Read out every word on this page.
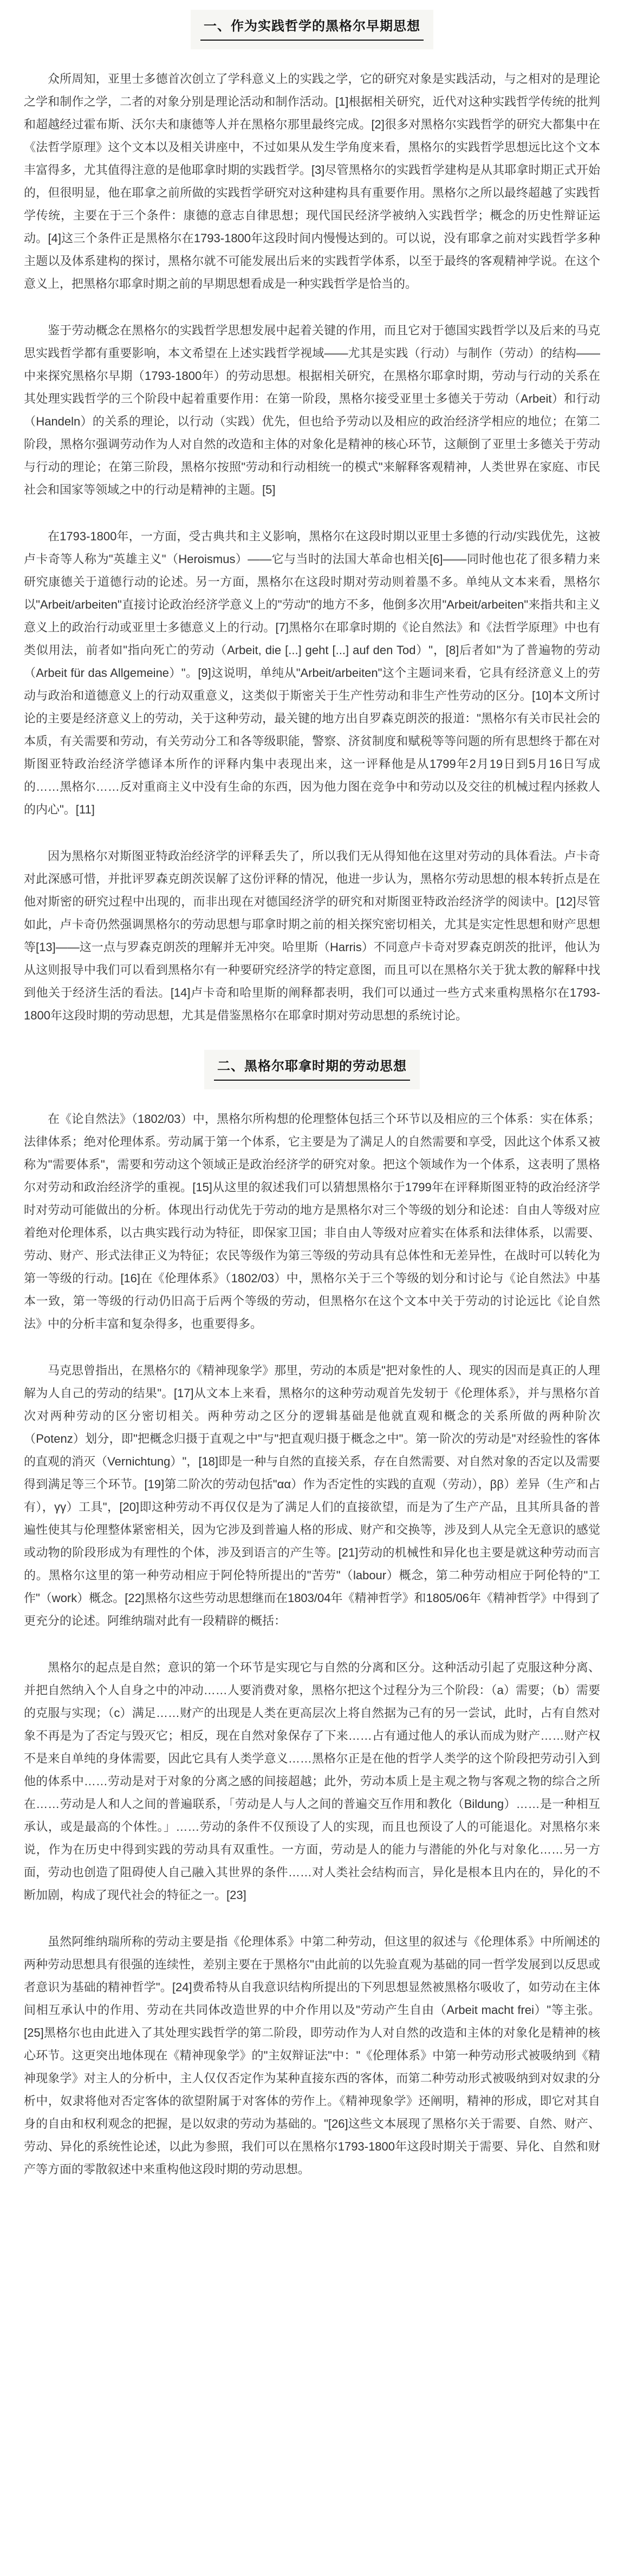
一、作为实践哲学的黑格尔早期思想

众所周知，亚里士多德首次创立了学科意义上的实践之学，它的研究对象是实践活动，与之相对的是理论之学和制作之学，二者的对象分别是理论活动和制作活动。[1]根据相关研究，近代对这种实践哲学传统的批判和超越经过霍布斯、沃尔夫和康德等人并在黑格尔那里最终完成。[2]很多对黑格尔实践哲学的研究大都集中在《法哲学原理》这个文本以及相关讲座中，不过如果从发生学角度来看，黑格尔的实践哲学思想远比这个文本丰富得多，尤其值得注意的是他耶拿时期的实践哲学。[3]尽管黑格尔的实践哲学建构是从其耶拿时期正式开始的，但很明显，他在耶拿之前所做的实践哲学研究对这种建构具有重要作用。黑格尔之所以最终超越了实践哲学传统，主要在于三个条件：康德的意志自律思想；现代国民经济学被纳入实践哲学；概念的历史性辩证运动。[4]这三个条件正是黑格尔在1793-1800年这段时间内慢慢达到的。可以说，没有耶拿之前对实践哲学多种主题以及体系建构的探讨，黑格尔就不可能发展出后来的实践哲学体系，以至于最终的客观精神学说。在这个意义上，把黑格尔耶拿时期之前的早期思想看成是一种实践哲学是恰当的。

鉴于劳动概念在黑格尔的实践哲学思想发展中起着关键的作用，而且它对于德国实践哲学以及后来的马克思实践哲学都有重要影响，本文希望在上述实践哲学视域——尤其是实践（行动）与制作（劳动）的结构——中来探究黑格尔早期（1793-1800年）的劳动思想。根据相关研究，在黑格尔耶拿时期，劳动与行动的关系在其处理实践哲学的三个阶段中起着重要作用：在第一阶段，黑格尔接受亚里士多德关于劳动（Arbeit）和行动（Handeln）的关系的理论，以行动（实践）优先，但也给予劳动以及相应的政治经济学相应的地位；在第二阶段，黑格尔强调劳动作为人对自然的改造和主体的对象化是精神的核心环节，这颠倒了亚里士多德关于劳动与行动的理论；在第三阶段，黑格尔按照"劳动和行动相统一的模式"来解释客观精神，人类世界在家庭、市民社会和国家等领域之中的行动是精神的主题。[5]

在1793-1800年，一方面，受古典共和主义影响，黑格尔在这段时期以亚里士多德的行动/实践优先，这被卢卡奇等人称为"英雄主义"（Heroismus）——它与当时的法国大革命也相关[6]——同时他也花了很多精力来研究康德关于道德行动的论述。另一方面，黑格尔在这段时期对劳动则着墨不多。单纯从文本来看，黑格尔以"Arbeit/arbeiten"直接讨论政治经济学意义上的"劳动"的地方不多，他倒多次用"Arbeit/arbeiten"来指共和主义意义上的政治行动或亚里士多德意义上的行动。[7]黑格尔在耶拿时期的《论自然法》和《法哲学原理》中也有类似用法，前者如"指向死亡的劳动（Arbeit, die [...] geht [...] auf den Tod）"，[8]后者如"为了普遍物的劳动（Arbeit für das Allgemeine）"。[9]这说明，单纯从"Arbeit/arbeiten"这个主题词来看，它具有经济意义上的劳动与政治和道德意义上的行动双重意义，这类似于斯密关于生产性劳动和非生产性劳动的区分。[10]本文所讨论的主要是经济意义上的劳动，关于这种劳动，最关键的地方出自罗森克朗茨的报道："黑格尔有关市民社会的本质，有关需要和劳动，有关劳动分工和各等级职能，警察、济贫制度和赋税等等问题的所有思想终于都在对斯图亚特政治经济学德译本所作的评释内集中表现出来，这一评释他是从1799年2月19日到5月16日写成的……黑格尔……反对重商主义中没有生命的东西，因为他力图在竞争中和劳动以及交往的机械过程内拯救人的内心"。[11]

因为黑格尔对斯图亚特政治经济学的评释丢失了，所以我们无从得知他在这里对劳动的具体看法。卢卡奇对此深感可惜，并批评罗森克朗茨误解了这份评释的情况，他进一步认为，黑格尔劳动思想的根本转折点是在他对斯密的研究过程中出现的，而非出现在对德国经济学的研究和对斯图亚特政治经济学的阅读中。[12]尽管如此，卢卡奇仍然强调黑格尔的劳动思想与耶拿时期之前的相关探究密切相关，尤其是实定性思想和财产思想等[13]——这一点与罗森克朗茨的理解并无冲突。哈里斯（Harris）不同意卢卡奇对罗森克朗茨的批评，他认为从这则报导中我们可以看到黑格尔有一种要研究经济学的特定意图，而且可以在黑格尔关于犹太教的解释中找到他关于经济生活的看法。[14]卢卡奇和哈里斯的阐释都表明，我们可以通过一些方式来重构黑格尔在1793-1800年这段时期的劳动思想，尤其是借鉴黑格尔在耶拿时期对劳动思想的系统讨论。

二、黑格尔耶拿时期的劳动思想

在《论自然法》（1802/03）中，黑格尔所构想的伦理整体包括三个环节以及相应的三个体系：实在体系；法律体系；绝对伦理体系。劳动属于第一个体系，它主要是为了满足人的自然需要和享受，因此这个体系又被称为"需要体系"，需要和劳动这个领域正是政治经济学的研究对象。把这个领域作为一个体系，这表明了黑格尔对劳动和政治经济学的重视。[15]从这里的叙述我们可以猜想黑格尔于1799年在评释斯图亚特的政治经济学时对劳动可能做出的分析。体现出行动优先于劳动的地方是黑格尔对三个等级的划分和论述：自由人等级对应着绝对伦理体系，以古典实践行动为特征，即保家卫国；非自由人等级对应着实在体系和法律体系，以需要、劳动、财产、形式法律正义为特征；农民等级作为第三等级的劳动具有总体性和无差异性，在战时可以转化为第一等级的行动。[16]在《伦理体系》（1802/03）中，黑格尔关于三个等级的划分和讨论与《论自然法》中基本一致，第一等级的行动仍旧高于后两个等级的劳动，但黑格尔在这个文本中关于劳动的讨论远比《论自然法》中的分析丰富和复杂得多，也重要得多。

马克思曾指出，在黑格尔的《精神现象学》那里，劳动的本质是"把对象性的人、现实的因而是真正的人理解为人自己的劳动的结果"。[17]从文本上来看，黑格尔的这种劳动观首先发轫于《伦理体系》，并与黑格尔首次对两种劳动的区分密切相关。两种劳动之区分的逻辑基础是他就直观和概念的关系所做的两种阶次（Potenz）划分，即"把概念归摄于直观之中"与"把直观归摄于概念之中"。第一阶次的劳动是"对经验性的客体的直观的消灭（Vernichtung）"，[18]即是一种与自然的直接关系，存在自然需要、对自然对象的否定以及需要得到满足等三个环节。[19]第二阶次的劳动包括"αα）作为否定性的实践的直观（劳动），ββ）差异（生产和占有），γγ）工具"，[20]即这种劳动不再仅仅是为了满足人们的直接欲望，而是为了生产产品，且其所具备的普遍性使其与伦理整体紧密相关，因为它涉及到普遍人格的形成、财产和交换等，涉及到人从完全无意识的感觉或动物的阶段形成为有理性的个体，涉及到语言的产生等。[21]劳动的机械性和异化也主要是就这种劳动而言的。黑格尔这里的第一种劳动相应于阿伦特所提出的"苦劳"（labour）概念，第二种劳动相应于阿伦特的"工作"（work）概念。[22]黑格尔这些劳动思想继而在1803/04年《精神哲学》和1805/06年《精神哲学》中得到了更充分的论述。阿维纳瑞对此有一段精辟的概括：

黑格尔的起点是自然；意识的第一个环节是实现它与自然的分离和区分。这种活动引起了克服这种分离、并把自然纳入个人自身之中的冲动……人要消费对象，黑格尔把这个过程分为三个阶段：（a）需要；（b）需要的克服与实现；（c）满足……财产的出现是人类在更高层次上将自然据为己有的另一尝试，此时，占有自然对象不再是为了否定与毁灭它；相反，现在自然对象保存了下来……占有通过他人的承认而成为财产……财产权不是来自单纯的身体需要，因此它具有人类学意义……黑格尔正是在他的哲学人类学的这个阶段把劳动引入到他的体系中……劳动是对于对象的分离之感的间接超越；此外，劳动本质上是主观之物与客观之物的综合之所在……劳动是人和人之间的普遍联系，「劳动是人与人之间的普遍交互作用和教化（Bildung）……是一种相互承认，或是最高的个体性。」……劳动的条件不仅预设了人的实现，而且也预设了人的可能退化。对黑格尔来说，作为在历史中得到实践的劳动具有双重性。一方面，劳动是人的能力与潜能的外化与对象化……另一方面，劳动也创造了阻碍使人自己融入其世界的条件……对人类社会结构而言，异化是根本且内在的，异化的不断加剧，构成了现代社会的特征之一。[23]

虽然阿维纳瑞所称的劳动主要是指《伦理体系》中第二种劳动，但这里的叙述与《伦理体系》中所阐述的两种劳动思想具有很强的连续性，差别主要在于黑格尔"由此前的以先验直观为基础的同一哲学发展到以反思或者意识为基础的精神哲学"。[24]费希特从自我意识结构所提出的下列思想显然被黑格尔吸收了，如劳动在主体间相互承认中的作用、劳动在共同体改造世界的中介作用以及"劳动产生自由（Arbeit macht frei）"等主张。[25]黑格尔也由此进入了其处理实践哲学的第二阶段，即劳动作为人对自然的改造和主体的对象化是精神的核心环节。这更突出地体现在《精神现象学》的"主奴辩证法"中："《伦理体系》中第一种劳动形式被吸纳到《精神现象学》对主人的分析中，主人仅仅否定作为某种直接东西的客体，而第二种劳动形式被吸纳到对奴隶的分析中，奴隶将他对否定客体的欲望附属于对客体的劳作上。《精神现象学》还阐明，精神的形成，即它对其自身的自由和权利观念的把握，是以奴隶的劳动为基础的。"[26]这些文本展现了黑格尔关于需要、自然、财产、劳动、异化的系统性论述，以此为参照，我们可以在黑格尔1793-1800年这段时期关于需要、异化、自然和财产等方面的零散叙述中来重构他这段时期的劳动思想。
